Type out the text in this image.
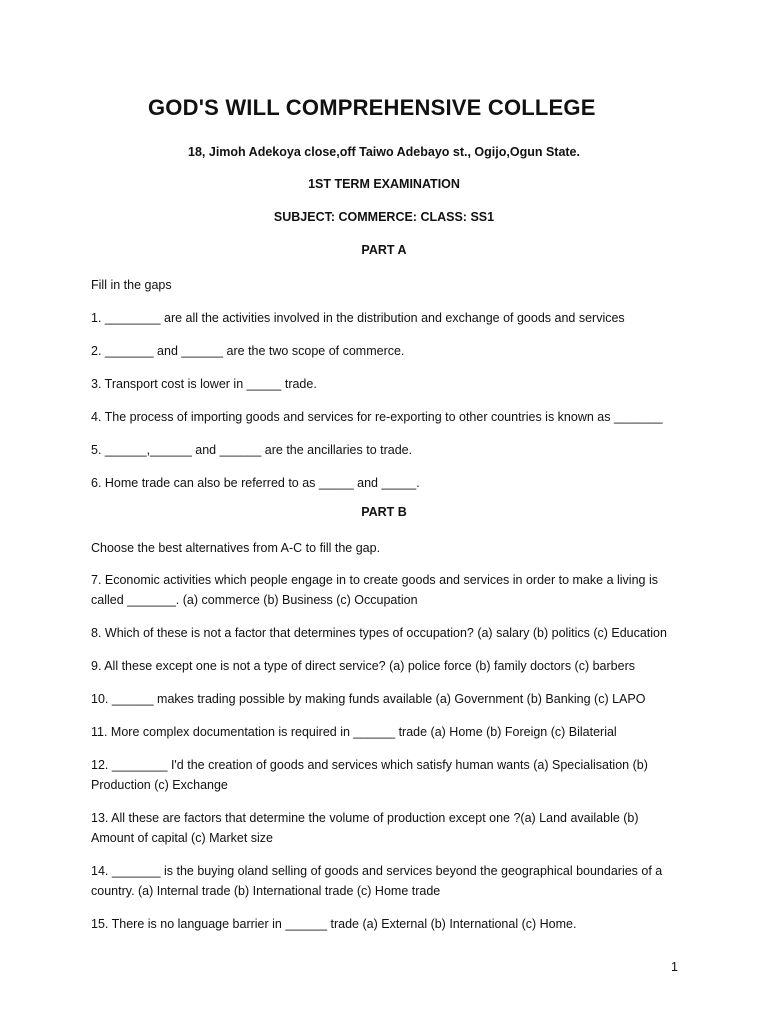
GOD'S WILL COMPREHENSIVE COLLEGE
18, Jimoh Adekoya close,off Taiwo Adebayo st., Ogijo,Ogun State.
1ST TERM EXAMINATION
SUBJECT: COMMERCE: CLASS: SS1
PART A
Fill in the gaps
1. ________ are all the activities involved in the distribution and exchange of goods and services
2. _______ and ______ are the two scope of commerce.
3. Transport cost is lower in _____ trade.
4. The process of importing goods and services for re-exporting to other countries is known as _______
5. ______,______ and ______ are the ancillaries to trade.
6. Home trade can also be referred to as _____ and _____.
PART B
Choose the best alternatives from A-C to fill the gap.
7. Economic activities which people engage in to create goods and services in order to make a living is called _______. (a) commerce (b) Business (c) Occupation
8. Which of these is not a factor that determines types of occupation? (a) salary (b) politics (c) Education
9. All these except one is not a type of direct service? (a) police force (b) family doctors (c) barbers
10. ______ makes trading possible by making funds available (a) Government (b) Banking (c) LAPO
11. More complex documentation is required in ______ trade (a) Home (b) Foreign (c) Bilaterial
12. ________ I'd the creation of goods and services which satisfy human wants (a) Specialisation (b) Production (c) Exchange
13. All these are factors that determine the volume of production except one ?(a) Land available (b) Amount of capital (c) Market size
14. _______ is the buying oland selling of goods and services beyond the geographical boundaries of a country. (a) Internal trade (b) International trade (c) Home trade
15. There is no language barrier in ______ trade (a) External (b) International (c) Home.
1
